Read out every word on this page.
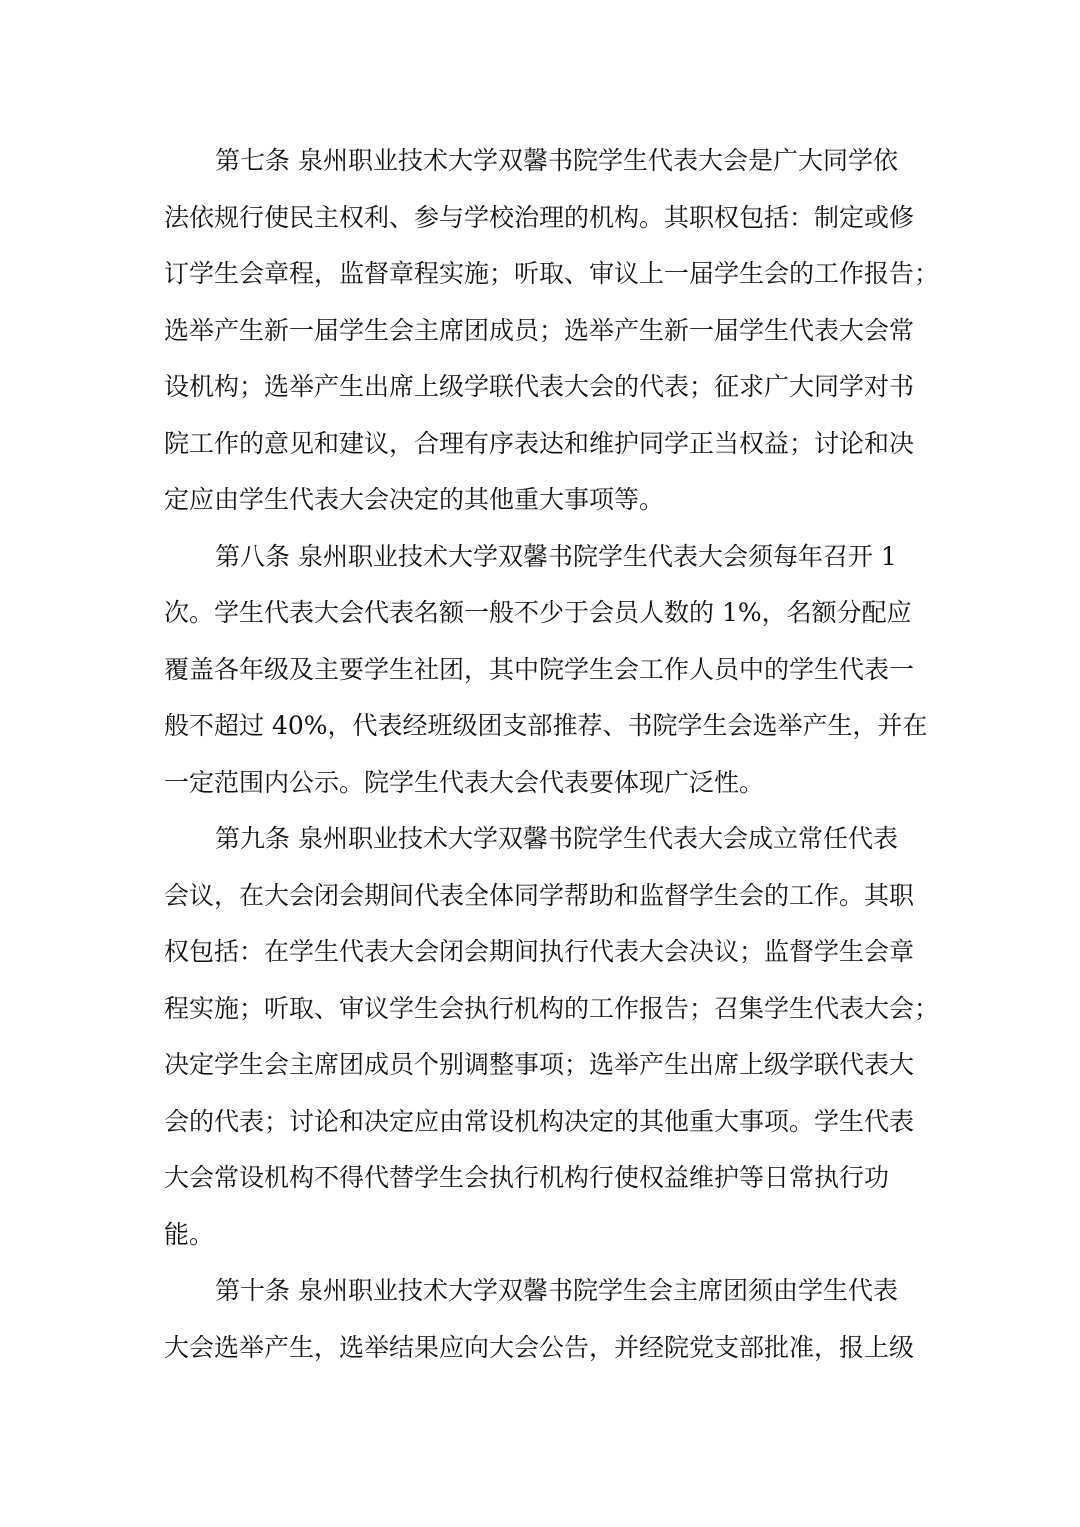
第七条 泉州职业技术大学双馨书院学生代表大会是广大同学依
法依规行使民主权利、参与学校治理的机构。其职权包括：制定或修
订学生会章程，监督章程实施；听取、审议上一届学生会的工作报告；
选举产生新一届学生会主席团成员；选举产生新一届学生代表大会常
设机构；选举产生出席上级学联代表大会的代表；征求广大同学对书
院工作的意见和建议，合理有序表达和维护同学正当权益；讨论和决
定应由学生代表大会决定的其他重大事项等。

第八条 泉州职业技术大学双馨书院学生代表大会须每年召开 1
次。学生代表大会代表名额一般不少于会员人数的 1%，名额分配应
覆盖各年级及主要学生社团，其中院学生会工作人员中的学生代表一
般不超过 40%，代表经班级团支部推荐、书院学生会选举产生，并在
一定范围内公示。院学生代表大会代表要体现广泛性。

第九条 泉州职业技术大学双馨书院学生代表大会成立常任代表
会议，在大会闭会期间代表全体同学帮助和监督学生会的工作。其职
权包括：在学生代表大会闭会期间执行代表大会决议；监督学生会章
程实施；听取、审议学生会执行机构的工作报告；召集学生代表大会；
决定学生会主席团成员个别调整事项；选举产生出席上级学联代表大
会的代表；讨论和决定应由常设机构决定的其他重大事项。学生代表
大会常设机构不得代替学生会执行机构行使权益维护等日常执行功
能。

第十条 泉州职业技术大学双馨书院学生会主席团须由学生代表
大会选举产生，选举结果应向大会公告，并经院党支部批准，报上级
